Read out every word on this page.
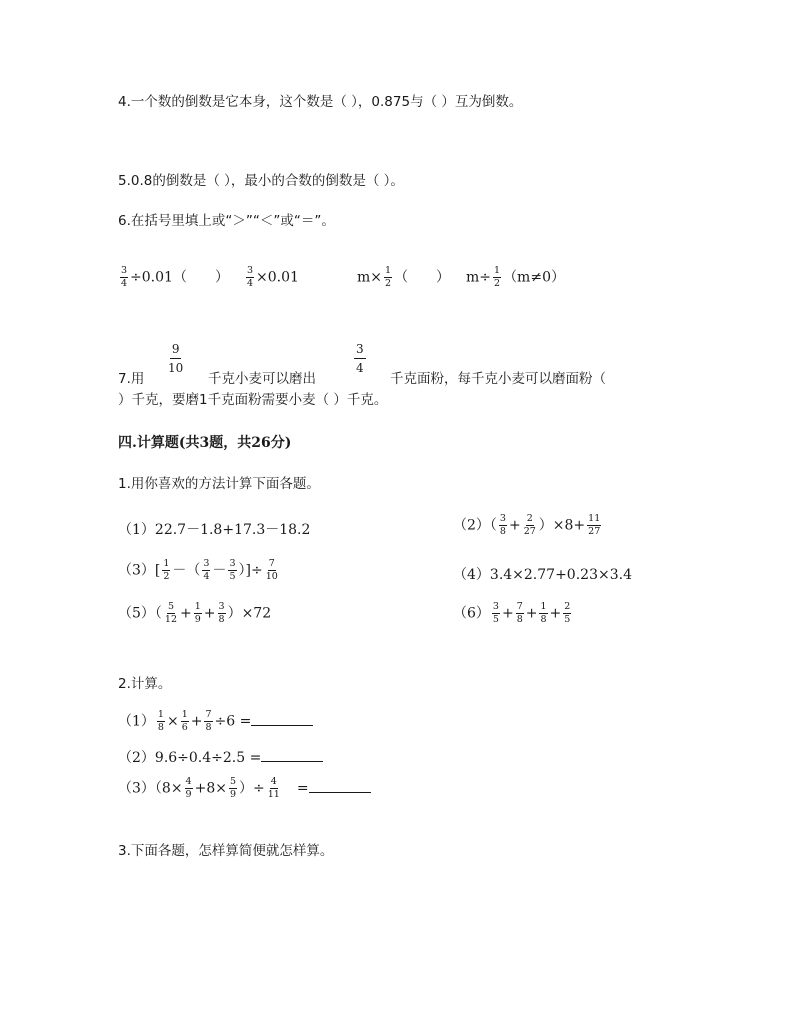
4.一个数的倒数是它本身，这个数是（ ），0.875与（ ）互为倒数。
5.0.8的倒数是（ ），最小的合数的倒数是（ ）。
6.在括号里填上或“＞”“＜”或“＝”。
$\frac{3}{4} \div 0.01$（　　） $\frac{3}{4} \times 0.01$	$m\times \frac{1}{2}$ （　　） $m\div \frac{1}{2} (m\ne 0)$
9
10
3
4
7.用	千克小麦可以磨出	千克面粉，每千克小麦可以磨面粉（
）千克，要磨1千克面粉需要小麦（ ）千克。
四.计算题(共3题，共26分)
1.用你喜欢的方法计算下面各题。
（1）22.7－1.8+17.3－18.2	$(2)( \frac{3}{8} + \frac{2}{27} )\times 8+ \frac{11}{27}$
$(3)[ \frac{1}{2}$ －（ $\frac{3}{4} - \frac{3}{5}$ ）]÷ $\frac{7}{10}$	（4）3.4×2.77+0.23×3.4
$(5)( \frac{5}{12} + \frac{1}{9} + \frac{3}{8} )\times 72$	$(6) \frac{3}{5} + \frac{7}{8} + \frac{1}{8} + \frac{2}{5}$
2.计算。
$(1) \frac{1}{8} \times \frac{1}{6} + \frac{7}{8} \div 6$ =
（2）9.6÷0.4÷2.5 =
$(3)(8\times \frac{4}{9} +8\times \frac{5}{9}$ ）÷ $\frac{4}{11}$ =
3.下面各题，怎样算简便就怎样算。
